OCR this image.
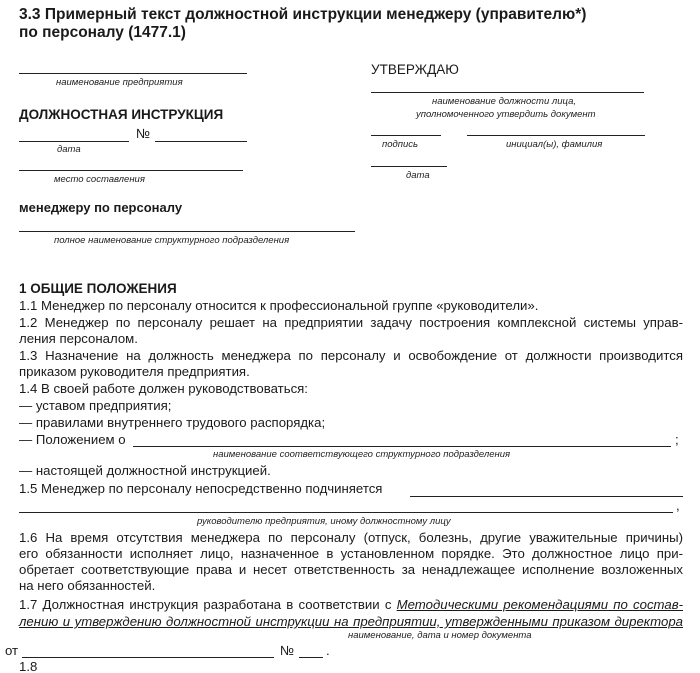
3.3 Примерный текст должностной инструкции менеджеру (управителю*)
по персоналу (1477.1)
наименование предприятия
ДОЛЖНОСТНАЯ ИНСТРУКЦИЯ
№
дата
место составления
менеджеру по персоналу
полное наименование структурного подразделения
УТВЕРЖДАЮ
наименование должности лица,
уполномоченного утвердить документ
подпись	инициал(ы), фамилия
дата
1 ОБЩИЕ ПОЛОЖЕНИЯ
1.1 Менеджер по персоналу относится к профессиональной группе «руководители».
1.2 Менеджер по персоналу решает на предприятии задачу построения комплексной системы управ-
ления персоналом.
1.3 Назначение на должность менеджера по персоналу и освобождение от должности производится
приказом руководителя предприятия.
1.4 В своей работе должен руководствоваться:
— уставом предприятия;
— правилами внутреннего трудового распорядка;
— Положением о	;
наименование соответствующего структурного подразделения
— настоящей должностной инструкцией.
1.5 Менеджер по персоналу непосредственно подчиняется
,
руководителю предприятия, иному должностному лицу
1.6 На время отсутствия менеджера по персоналу (отпуск, болезнь, другие уважительные причины)
его обязанности исполняет лицо, назначенное в установленном порядке. Это должностное лицо при-
обретает соответствующие права и несет ответственность за ненадлежащее исполнение возложенных
на него обязанностей.
1.7 Должностная инструкция разработана в соответствии с Методическими рекомендациями по состав-
лению и утверждению должностной инструкции на предприятии, утвержденными приказом директора
наименование, дата и номер документа
от	№ .
1.8
